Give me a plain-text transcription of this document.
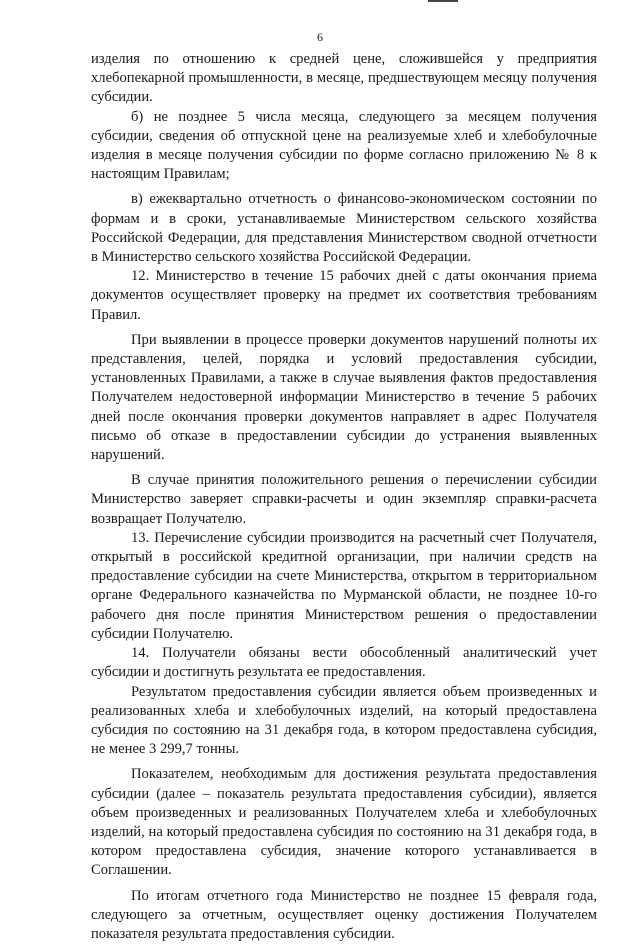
6

изделия по отношению к средней цене, сложившейся у предприятия хлебопекарной промышленности, в месяце, предшествующем месяцу получения субсидии.

б) не позднее 5 числа месяца, следующего за месяцем получения субсидии, сведения об отпускной цене на реализуемые хлеб и хлебобулочные изделия в месяце получения субсидии по форме согласно приложению № 8 к настоящим Правилам;

в) ежеквартально отчетность о финансово-экономическом состоянии по формам и в сроки, устанавливаемые Министерством сельского хозяйства Российской Федерации, для представления Министерством сводной отчетности в Министерство сельского хозяйства Российской Федерации.

12. Министерство в течение 15 рабочих дней с даты окончания приема документов осуществляет проверку на предмет их соответствия требованиям Правил.

При выявлении в процессе проверки документов нарушений полноты их представления, целей, порядка и условий предоставления субсидии, установленных Правилами, а также в случае выявления фактов предоставления Получателем недостоверной информации Министерство в течение 5 рабочих дней после окончания проверки документов направляет в адрес Получателя письмо об отказе в предоставлении субсидии до устранения выявленных нарушений.

В случае принятия положительного решения о перечислении субсидии Министерство заверяет справки-расчеты и один экземпляр справки-расчета возвращает Получателю.

13. Перечисление субсидии производится на расчетный счет Получателя, открытый в российской кредитной организации, при наличии средств на предоставление субсидии на счете Министерства, открытом в территориальном органе Федерального казначейства по Мурманской области, не позднее 10-го рабочего дня после принятия Министерством решения о предоставлении субсидии Получателю.

14. Получатели обязаны вести обособленный аналитический учет субсидии и достигнуть результата ее предоставления.

Результатом предоставления субсидии является объем произведенных и реализованных хлеба и хлебобулочных изделий, на который предоставлена субсидия по состоянию на 31 декабря года, в котором предоставлена субсидия, не менее 3 299,7 тонны.

Показателем, необходимым для достижения результата предоставления субсидии (далее – показатель результата предоставления субсидии), является объем произведенных и реализованных Получателем хлеба и хлебобулочных изделий, на который предоставлена субсидия по состоянию на 31 декабря года, в котором предоставлена субсидия, значение которого устанавливается в Соглашении.

По итогам отчетного года Министерство не позднее 15 февраля года, следующего за отчетным, осуществляет оценку достижения Получателем показателя результата предоставления субсидии.
